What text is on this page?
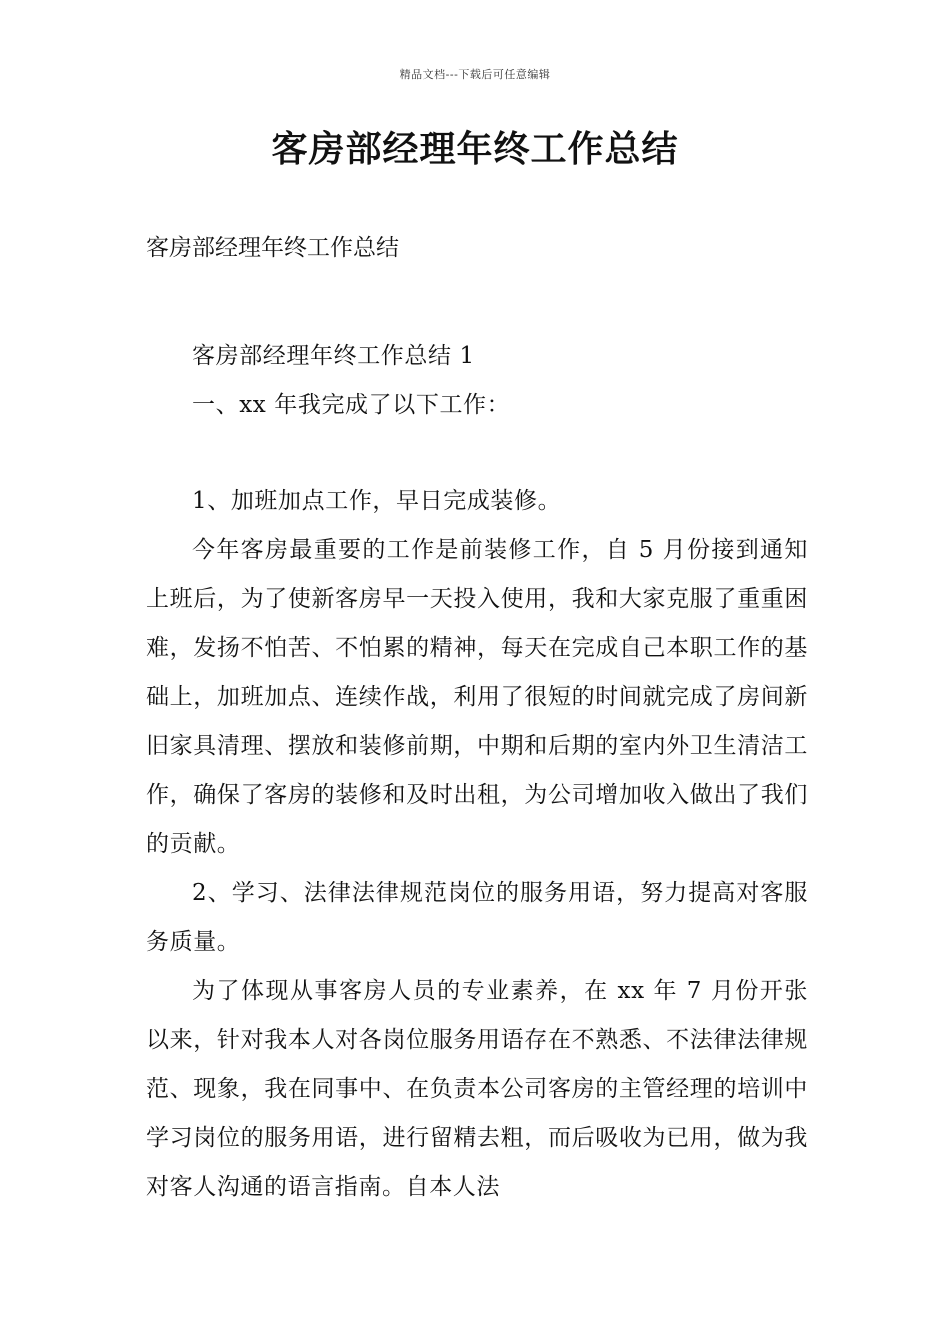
精品文档---下载后可任意编辑
客房部经理年终工作总结

客房部经理年终工作总结

客房部经理年终工作总结 1

一、xx 年我完成了以下工作：

1、加班加点工作，早日完成装修。

今年客房最重要的工作是前装修工作，自 5 月份接到通知上班后，为了使新客房早一天投入使用，我和大家克服了重重困难，发扬不怕苦、不怕累的精神，每天在完成自己本职工作的基础上，加班加点、连续作战，利用了很短的时间就完成了房间新旧家具清理、摆放和装修前期，中期和后期的室内外卫生清洁工作，确保了客房的装修和及时出租，为公司增加收入做出了我们的贡献。

2、学习、法律法律规范岗位的服务用语，努力提高对客服务质量。

为了体现从事客房人员的专业素养，在 xx 年 7 月份开张以来，针对我本人对各岗位服务用语存在不熟悉、不法律法律规范、现象，我在同事中、在负责本公司客房的主管经理的培训中学习岗位的服务用语，进行留精去粗，而后吸收为已用，做为我对客人沟通的语言指南。自本人法
